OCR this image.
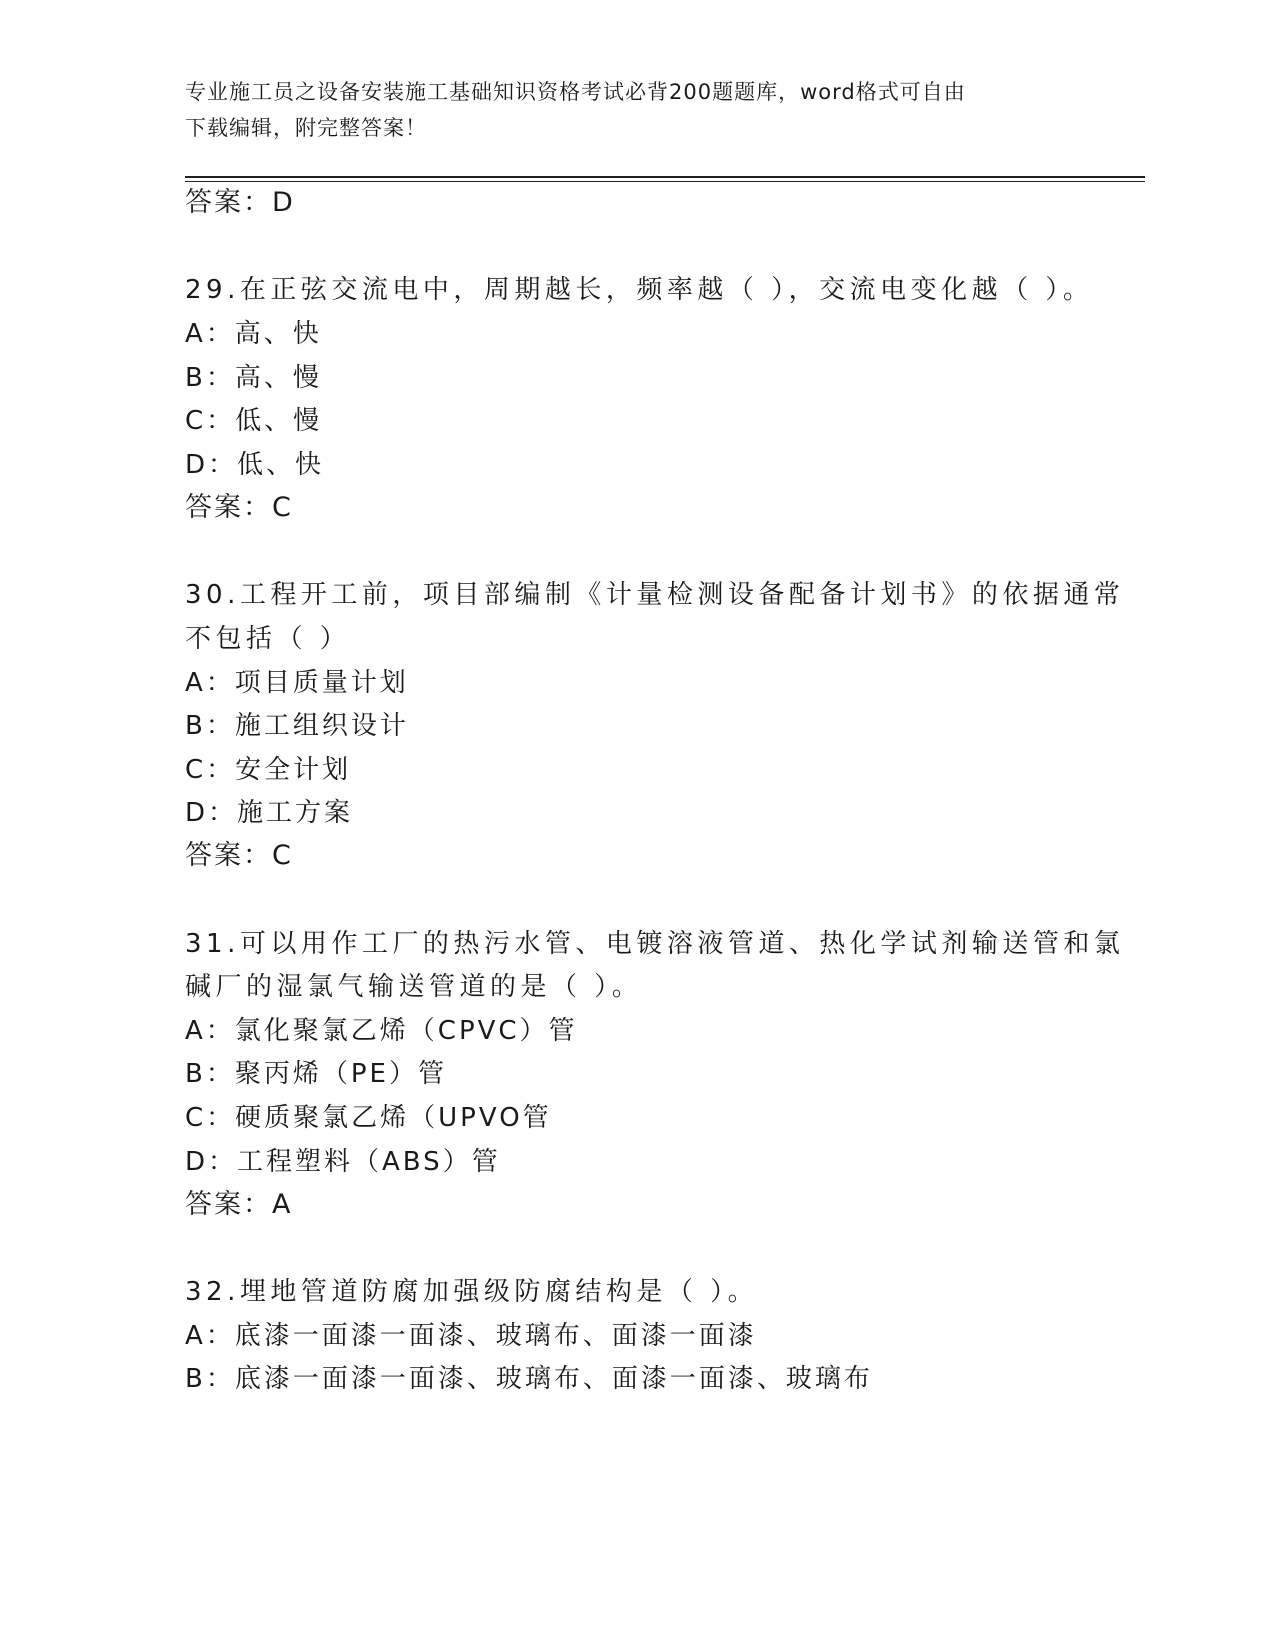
专业施工员之设备安装施工基础知识资格考试必背200题题库，word格式可自由
下载编辑，附完整答案！
答案：D
29.在正弦交流电中，周期越长，频率越（ ），交流电变化越（ ）。
A：高、快
B：高、慢
C：低、慢
D：低、快
答案：C
30.工程开工前，项目部编制《计量检测设备配备计划书》的依据通常
不包括（ ）
A：项目质量计划
B：施工组织设计
C：安全计划
D：施工方案
答案：C
31.可以用作工厂的热污水管、电镀溶液管道、热化学试剂输送管和氯
碱厂的湿氯气输送管道的是（ ）。
A：氯化聚氯乙烯（CPVC）管
B：聚丙烯（PE）管
C：硬质聚氯乙烯（UPVO管
D：工程塑料（ABS）管
答案：A
32.埋地管道防腐加强级防腐结构是（ ）。
A：底漆一面漆一面漆、玻璃布、面漆一面漆
B：底漆一面漆一面漆、玻璃布、面漆一面漆、玻璃布
